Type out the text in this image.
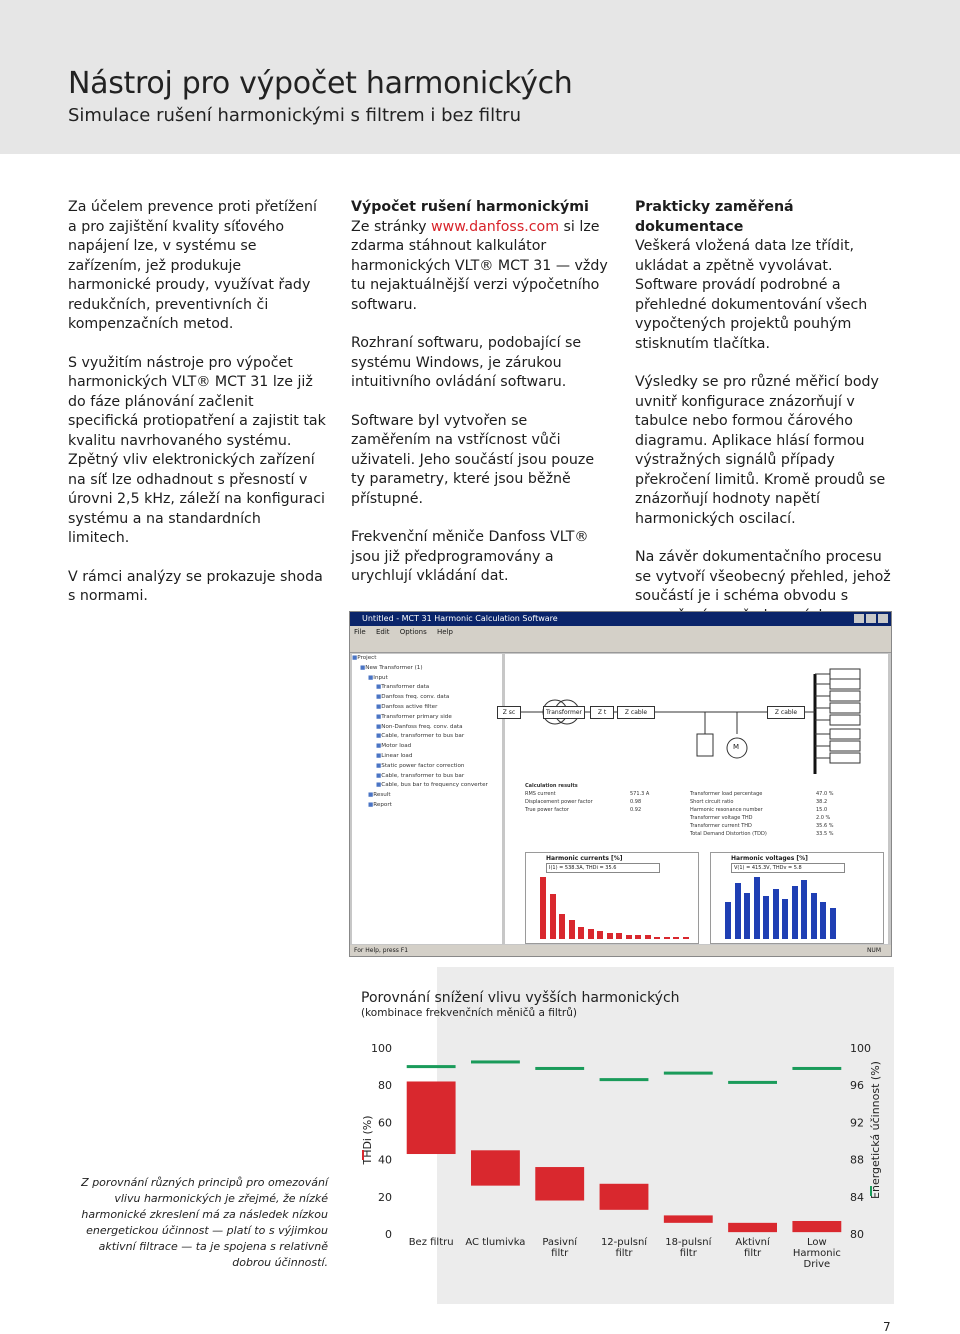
Nástroj pro výpočet harmonických
Simulace rušení harmonickými s filtrem i bez filtru

Za účelem prevence proti přetížení a pro zajištění kvality síťového napájení lze, v systému se zařízením, jež produkuje harmonické proudy, využívat řady redukčních, preventivních či kompenzačních metod.

S využitím nástroje pro výpočet harmonických VLT® MCT 31 lze již do fáze plánování začlenit specifická protiopatření a zajistit tak kvalitu navrhovaného systému. Zpětný vliv elektronických zařízení na síť lze odhadnout s přesností v úrovni 2,5 kHz, záleží na konfiguraci systému a na standardních limitech.

V rámci analýzy se prokazuje shoda s normami.

Výpočet rušení harmonickými
Ze stránky www.danfoss.com si lze zdarma stáhnout kalkulátor harmonických VLT® MCT 31 — vždy tu nejaktuálnější verzi výpočetního softwaru.

Rozhraní softwaru, podobající se systému Windows, je zárukou intuitivního ovládání softwaru.

Software byl vytvořen se zaměřením na vstřícnost vůči uživateli. Jeho součástí jsou pouze ty parametry, které jsou běžně přístupné.

Frekvenční měniče Danfoss VLT® jsou již předprogramovány a urychlují vkládání dat.

Prakticky zaměřená dokumentace
Veškerá vložená data lze třídit, ukládat a zpětně vyvolávat. Software provádí podrobné a přehledné dokumentování všech vypočtených projektů pouhým stisknutím tlačítka.

Výsledky se pro různé měřicí body uvnitř konfigurace znázorňují v tabulce nebo formou čárového diagramu. Aplikace hlásí formou výstražných signálů případy překročení limitů. Kromě proudů se znázorňují hodnoty napětí harmonických oscilací.

Na závěr dokumentačního procesu se vytvoří všeobecný přehled, jehož součástí je i schéma obvodu s

Untitled - MCT 31 Harmonic Calculation Software
File Edit Options Help
■ Project
■ New Transformer (1)
■ Input
■ Transformer data
■ Danfoss freq. conv. data
■ Danfoss active filter
■ Transformer primary side
■ Non-Danfoss freq. conv. data
■ Cable, transformer to bus bar
■ Motor load
■ Linear load
■ Static power factor correction
■ Cable, transformer to bus bar
■ Cable, bus bar to frequency converter
■ Result
■ Report
Z sc	Transformer	Z t	Z cable	Z cable
M
Calculation results
RMS current	571.3 A
Displacement power factor	0.98
True power factor	0.92
Transformer load percentage	47.0 %
Short circuit ratio	38.2
Harmonic resonance number	15.0
Transformer voltage THD	2.0 %
Transformer current THD	35.6 %
Total Demand Distortion (TDD)	33.5 %
Harmonic currents [%]
I(1) = 538.3A, THDi = 35.6
Harmonic voltages [%]
V(1) = 415.3V, THDv = 5.8
For Help, press F1	NUM
Porovnání snížení vlivu vyšších harmonických
(kombinace frekvenčních měničů a filtrů)
0
20
40
60
80
100
80
84
88
92
96
100
THDi (%)	Energetická účinnost (%)
Bez filtru AC tlumivka Pasivní
filtr
12-pulsní
filtr
18-pulsní
filtr
Aktivní
filtr
Low
Harmonic
Drive
Z porovnání různých principů pro omezování vlivu harmonických je zřejmé, že nízké harmonické zkreslení má za následek nízkou energetickou účinnost — platí to s výjimkou aktivní filtrace — ta je spojena s relativně dobrou účinností.
7
